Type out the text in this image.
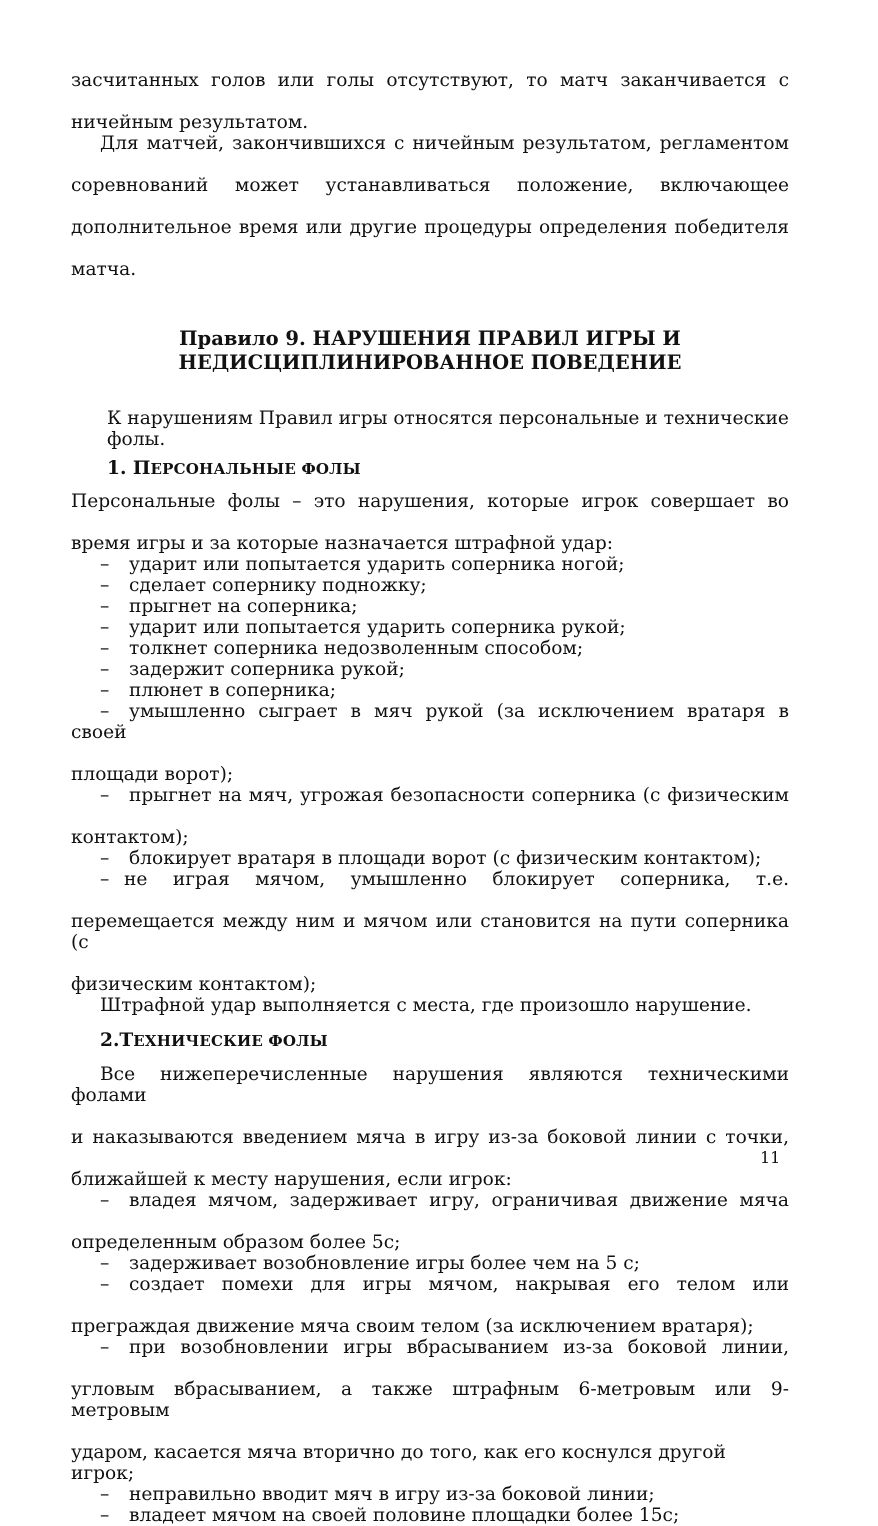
засчитанных голов или голы отсутствуют, то матч заканчивается с

ничейным результатом.

Для матчей, закончившихся с ничейным результатом, регламентом

соревнований может устанавливаться положение, включающее

дополнительное время или другие процедуры определения победителя

матча.

Правило 9. НАРУШЕНИЯ ПРАВИЛ ИГРЫ И
НЕДИСЦИПЛИНИРОВАННОЕ ПОВЕДЕНИЕ

К нарушениям Правил игры относятся персональные и технические фолы.

1. ПЕРСОНАЛЬНЫЕ ФОЛЫ

Персональные фолы – это нарушения, которые игрок совершает во

время игры и за которые назначается штрафной удар:

– ударит или попытается ударить соперника ногой;

– сделает сопернику подножку;

– прыгнет на соперника;

– ударит или попытается ударить соперника рукой;

– толкнет соперника недозволенным способом;

– задержит соперника рукой;

– плюнет в соперника;

– умышленно сыграет в мяч рукой (за исключением вратаря в своей

площади ворот);

– прыгнет на мяч, угрожая безопасности соперника (с физическим

контактом);

– блокирует вратаря в площади ворот (с физическим контактом);

– не играя мячом, умышленно блокирует соперника, т.е.

перемещается между ним и мячом или становится на пути соперника (с

физическим контактом);

Штрафной удар выполняется с места, где произошло нарушение.

2.ТЕХНИЧЕСКИЕ ФОЛЫ

Все нижеперечисленные нарушения являются техническими фолами

и наказываются введением мяча в игру из-за боковой линии с точки,

ближайшей к месту нарушения, если игрок:

– владея мячом, задерживает игру, ограничивая движение мяча

определенным образом более 5с;

– задерживает возобновление игры более чем на 5 с;

– создает помехи для игры мячом, накрывая его телом или

преграждая движение мяча своим телом (за исключением вратаря);

– при возобновлении игры вбрасыванием из-за боковой линии,

угловым вбрасыванием, а также штрафным 6-метровым или 9-метровым

ударом, касается мяча вторично до того, как его коснулся другой игрок;

– неправильно вводит мяч в игру из-за боковой линии;

– владеет мячом на своей половине площадки более 15с;

11
